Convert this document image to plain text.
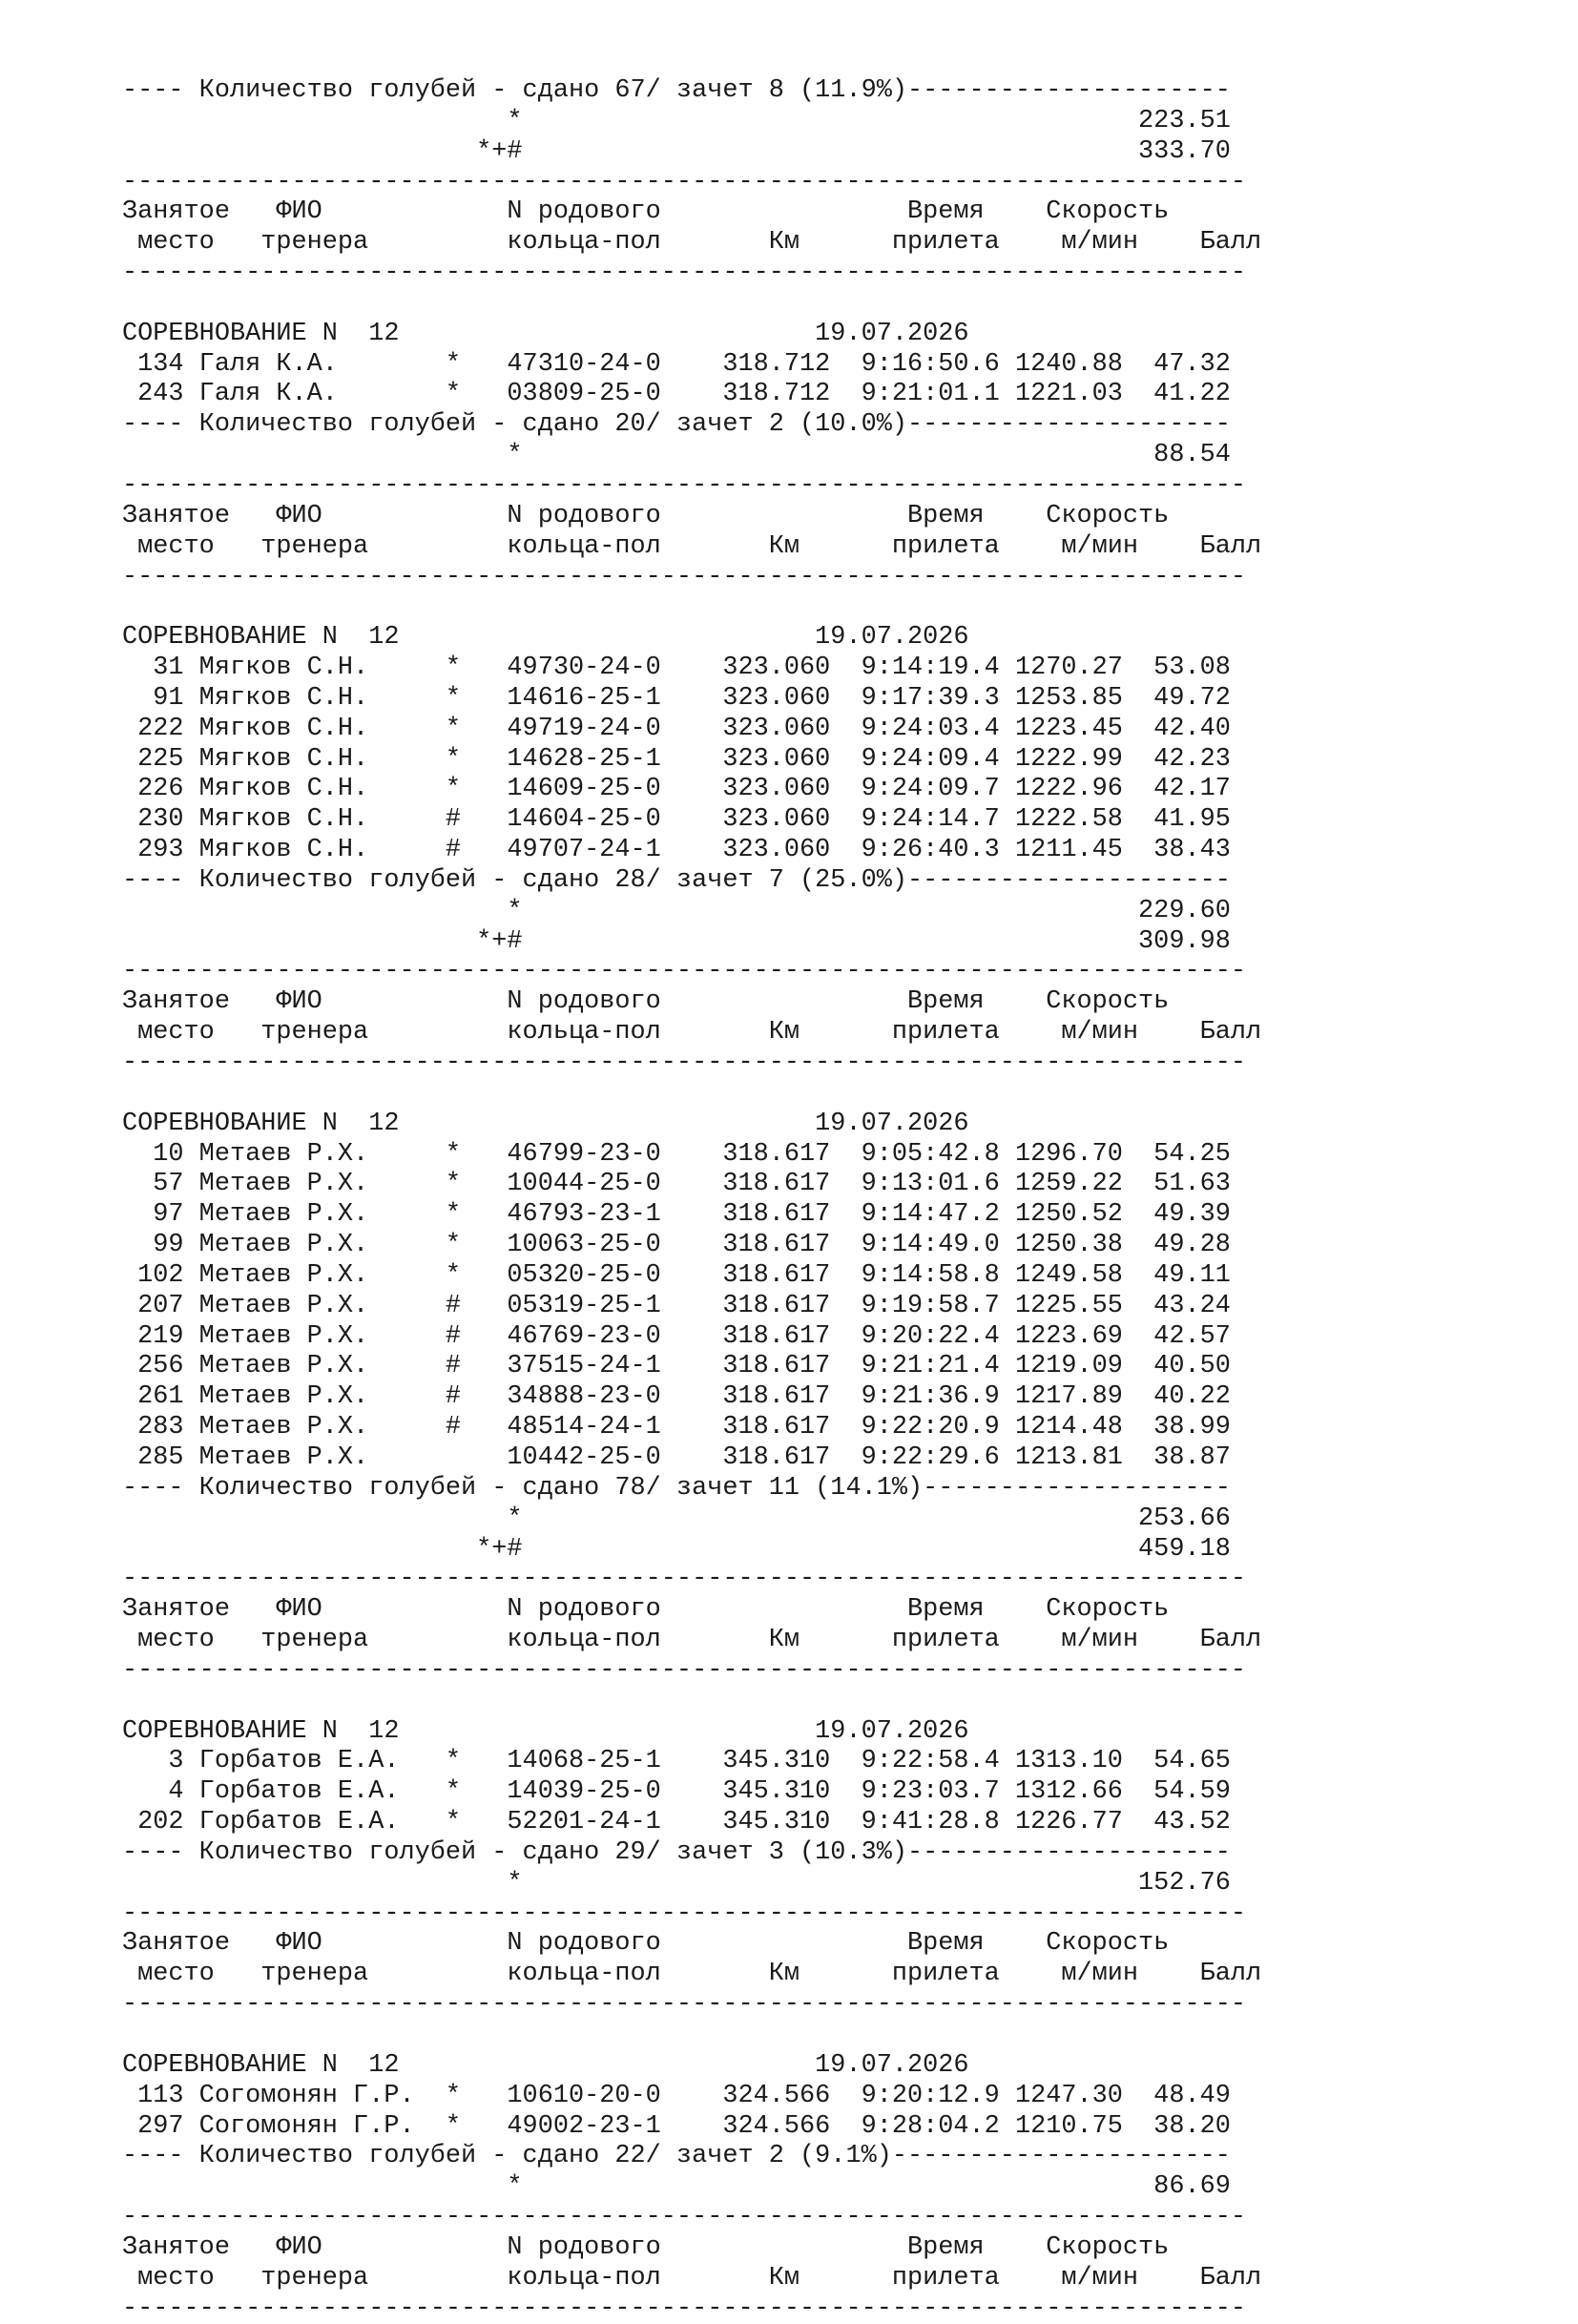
---- Количество голубей - сдано 67/ зачет 8 (11.9%)---------------------
*                                        223.51
*+#                                        333.70
-------------------------------------------------------------------------
Занятое   ФИО            N родового                Время    Скорость
место   тренера         кольца-пол       Км      прилета    м/мин    Балл
-------------------------------------------------------------------------
СОРЕВНОВАНИЕ N  12                           19.07.2026
134 Галя К.А.       *   47310-24-0    318.712  9:16:50.6 1240.88  47.32
243 Галя К.А.       *   03809-25-0    318.712  9:21:01.1 1221.03  41.22
---- Количество голубей - сдано 20/ зачет 2 (10.0%)---------------------
*                                         88.54
-------------------------------------------------------------------------
Занятое   ФИО            N родового                Время    Скорость
место   тренера         кольца-пол       Км      прилета    м/мин    Балл
-------------------------------------------------------------------------
СОРЕВНОВАНИЕ N  12                           19.07.2026
31 Мягков С.Н.     *   49730-24-0    323.060  9:14:19.4 1270.27  53.08
91 Мягков С.Н.     *   14616-25-1    323.060  9:17:39.3 1253.85  49.72
222 Мягков С.Н.     *   49719-24-0    323.060  9:24:03.4 1223.45  42.40
225 Мягков С.Н.     *   14628-25-1    323.060  9:24:09.4 1222.99  42.23
226 Мягков С.Н.     *   14609-25-0    323.060  9:24:09.7 1222.96  42.17
230 Мягков С.Н.     #   14604-25-0    323.060  9:24:14.7 1222.58  41.95
293 Мягков С.Н.     #   49707-24-1    323.060  9:26:40.3 1211.45  38.43
---- Количество голубей - сдано 28/ зачет 7 (25.0%)---------------------
*                                        229.60
*+#                                        309.98
-------------------------------------------------------------------------
Занятое   ФИО            N родового                Время    Скорость
место   тренера         кольца-пол       Км      прилета    м/мин    Балл
-------------------------------------------------------------------------
СОРЕВНОВАНИЕ N  12                           19.07.2026
10 Метаев Р.Х.     *   46799-23-0    318.617  9:05:42.8 1296.70  54.25
57 Метаев Р.Х.     *   10044-25-0    318.617  9:13:01.6 1259.22  51.63
97 Метаев Р.Х.     *   46793-23-1    318.617  9:14:47.2 1250.52  49.39
99 Метаев Р.Х.     *   10063-25-0    318.617  9:14:49.0 1250.38  49.28
102 Метаев Р.Х.     *   05320-25-0    318.617  9:14:58.8 1249.58  49.11
207 Метаев Р.Х.     #   05319-25-1    318.617  9:19:58.7 1225.55  43.24
219 Метаев Р.Х.     #   46769-23-0    318.617  9:20:22.4 1223.69  42.57
256 Метаев Р.Х.     #   37515-24-1    318.617  9:21:21.4 1219.09  40.50
261 Метаев Р.Х.     #   34888-23-0    318.617  9:21:36.9 1217.89  40.22
283 Метаев Р.Х.     #   48514-24-1    318.617  9:22:20.9 1214.48  38.99
285 Метаев Р.Х.         10442-25-0    318.617  9:22:29.6 1213.81  38.87
---- Количество голубей - сдано 78/ зачет 11 (14.1%)--------------------
*                                        253.66
*+#                                        459.18
-------------------------------------------------------------------------
Занятое   ФИО            N родового                Время    Скорость
место   тренера         кольца-пол       Км      прилета    м/мин    Балл
-------------------------------------------------------------------------
СОРЕВНОВАНИЕ N  12                           19.07.2026
3 Горбатов Е.А.   *   14068-25-1    345.310  9:22:58.4 1313.10  54.65
4 Горбатов Е.А.   *   14039-25-0    345.310  9:23:03.7 1312.66  54.59
202 Горбатов Е.А.   *   52201-24-1    345.310  9:41:28.8 1226.77  43.52
---- Количество голубей - сдано 29/ зачет 3 (10.3%)---------------------
*                                        152.76
-------------------------------------------------------------------------
Занятое   ФИО            N родового                Время    Скорость
место   тренера         кольца-пол       Км      прилета    м/мин    Балл
-------------------------------------------------------------------------
СОРЕВНОВАНИЕ N  12                           19.07.2026
113 Согомонян Г.Р.  *   10610-20-0    324.566  9:20:12.9 1247.30  48.49
297 Согомонян Г.Р.  *   49002-23-1    324.566  9:28:04.2 1210.75  38.20
---- Количество голубей - сдано 22/ зачет 2 (9.1%)----------------------
*                                         86.69
-------------------------------------------------------------------------
Занятое   ФИО            N родового                Время    Скорость
место   тренера         кольца-пол       Км      прилета    м/мин    Балл
-------------------------------------------------------------------------
